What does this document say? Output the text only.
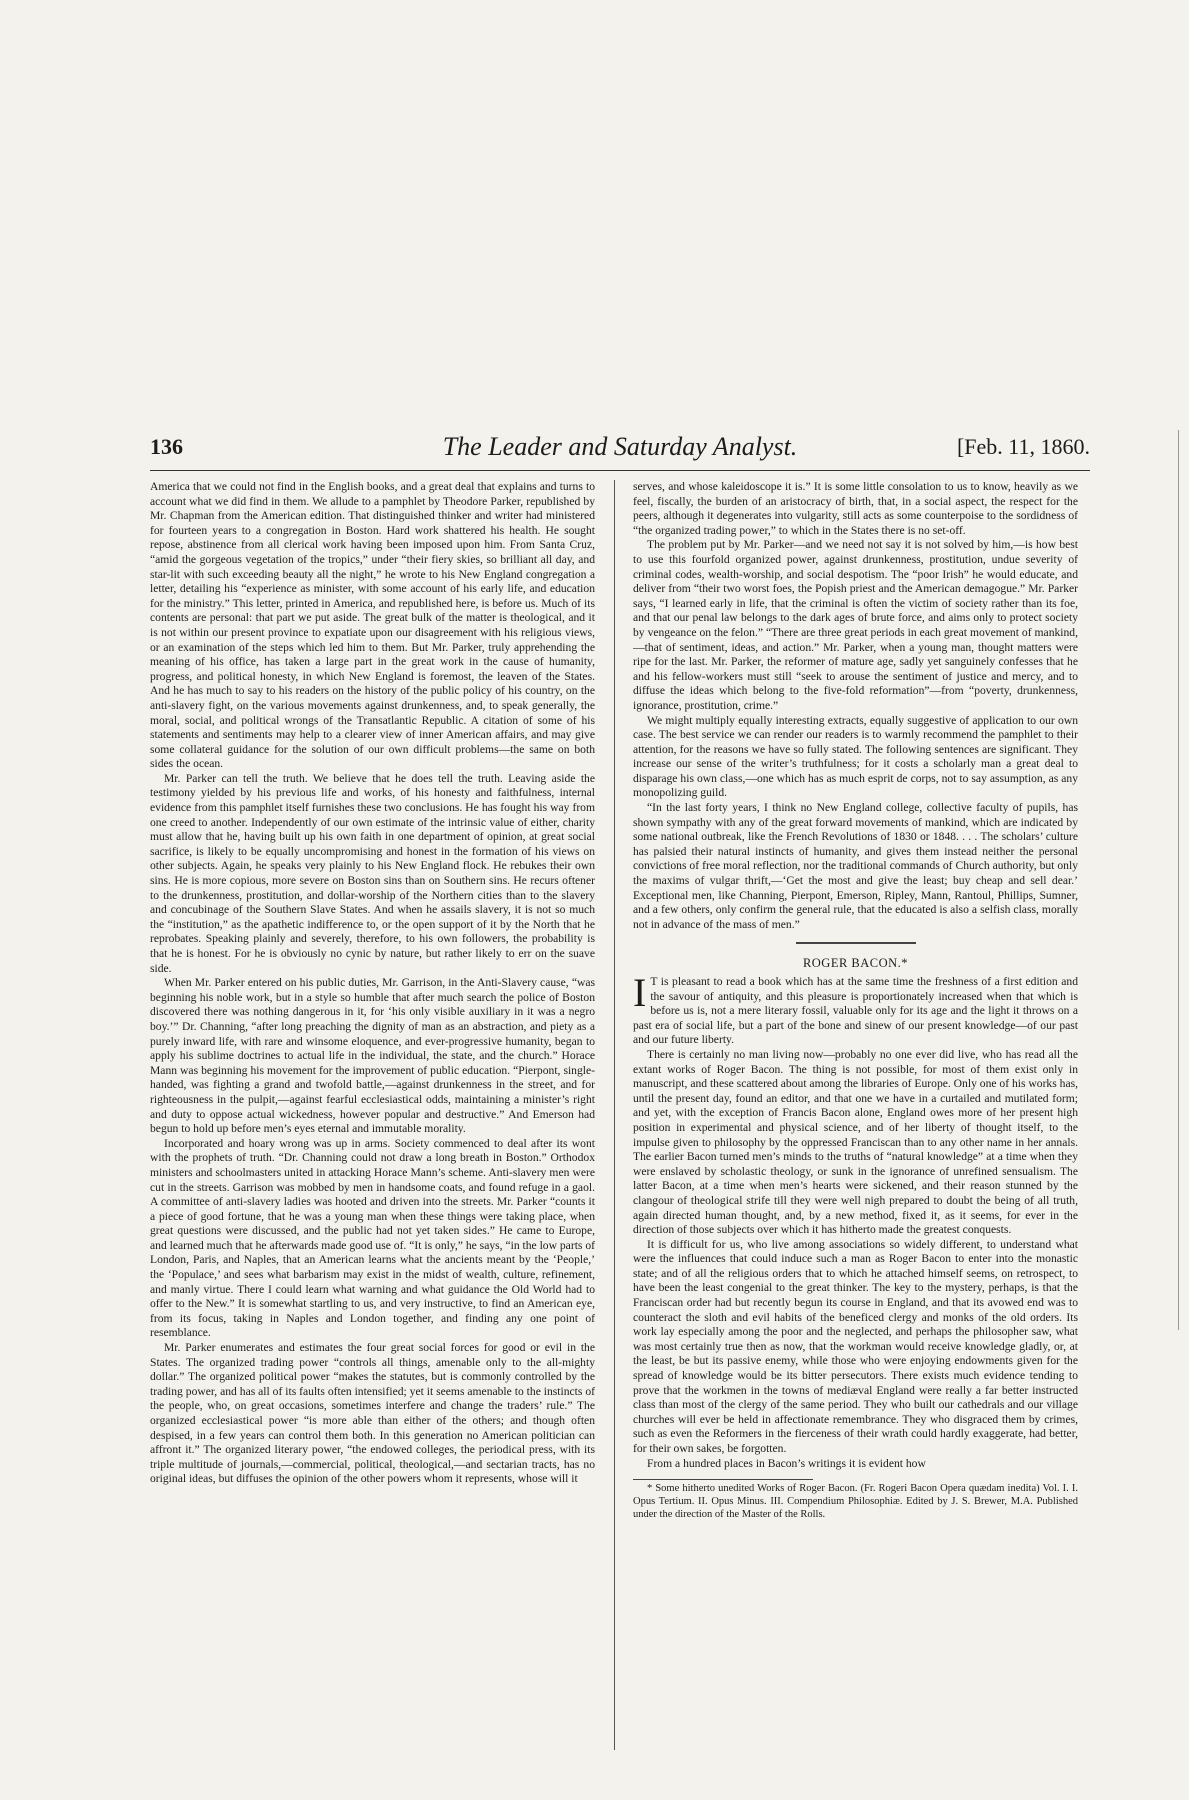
136	The Leader and Saturday Analyst.	[Feb. 11, 1860.

America that we could not find in the English books, and a great deal that explains and turns to account what we did find in them. We allude to a pamphlet by Theodore Parker, republished by Mr. Chapman from the American edition. That distinguished thinker and writer had ministered for fourteen years to a congregation in Boston. Hard work shattered his health. He sought repose, abstinence from all clerical work having been imposed upon him. From Santa Cruz, “amid the gorgeous vegetation of the tropics,” under “their fiery skies, so brilliant all day, and star-lit with such exceeding beauty all the night,” he wrote to his New England congregation a letter, detailing his “experience as minister, with some account of his early life, and education for the ministry.” This letter, printed in America, and republished here, is before us. Much of its contents are personal: that part we put aside. The great bulk of the matter is theological, and it is not within our present province to expatiate upon our disagreement with his religious views, or an examination of the steps which led him to them. But Mr. Parker, truly apprehending the meaning of his office, has taken a large part in the great work in the cause of humanity, progress, and political honesty, in which New England is foremost, the leaven of the States. And he has much to say to his readers on the history of the public policy of his country, on the anti-slavery fight, on the various movements against drunkenness, and, to speak generally, the moral, social, and political wrongs of the Transatlantic Republic. A citation of some of his statements and sentiments may help to a clearer view of inner American affairs, and may give some collateral guidance for the solution of our own difficult problems—the same on both sides the ocean.

Mr. Parker can tell the truth. We believe that he does tell the truth. Leaving aside the testimony yielded by his previous life and works, of his honesty and faithfulness, internal evidence from this pamphlet itself furnishes these two conclusions. He has fought his way from one creed to another. Independently of our own estimate of the intrinsic value of either, charity must allow that he, having built up his own faith in one department of opinion, at great social sacrifice, is likely to be equally uncompromising and honest in the formation of his views on other subjects. Again, he speaks very plainly to his New England flock. He rebukes their own sins. He is more copious, more severe on Boston sins than on Southern sins. He recurs oftener to the drunkenness, prostitution, and dollar-worship of the Northern cities than to the slavery and concubinage of the Southern Slave States. And when he assails slavery, it is not so much the “institution,” as the apathetic indifference to, or the open support of it by the North that he reprobates. Speaking plainly and severely, therefore, to his own followers, the probability is that he is honest. For he is obviously no cynic by nature, but rather likely to err on the suave side.

When Mr. Parker entered on his public duties, Mr. Garrison, in the Anti-Slavery cause, “was beginning his noble work, but in a style so humble that after much search the police of Boston discovered there was nothing dangerous in it, for ‘his only visible auxiliary in it was a negro boy.’” Dr. Channing, “after long preaching the dignity of man as an abstraction, and piety as a purely inward life, with rare and winsome eloquence, and ever-progressive humanity, began to apply his sublime doctrines to actual life in the individual, the state, and the church.” Horace Mann was beginning his movement for the improvement of public education. “Pierpont, single-handed, was fighting a grand and twofold battle,—against drunkenness in the street, and for righteousness in the pulpit,—against fearful ecclesiastical odds, maintaining a minister’s right and duty to oppose actual wickedness, however popular and destructive.” And Emerson had begun to hold up before men’s eyes eternal and immutable morality.

Incorporated and hoary wrong was up in arms. Society commenced to deal after its wont with the prophets of truth. “Dr. Channing could not draw a long breath in Boston.” Orthodox ministers and schoolmasters united in attacking Horace Mann’s scheme. Anti-slavery men were cut in the streets. Garrison was mobbed by men in handsome coats, and found refuge in a gaol. A committee of anti-slavery ladies was hooted and driven into the streets. Mr. Parker “counts it a piece of good fortune, that he was a young man when these things were taking place, when great questions were discussed, and the public had not yet taken sides.” He came to Europe, and learned much that he afterwards made good use of. “It is only,” he says, “in the low parts of London, Paris, and Naples, that an American learns what the ancients meant by the ‘People,’ the ‘Populace,’ and sees what barbarism may exist in the midst of wealth, culture, refinement, and manly virtue. There I could learn what warning and what guidance the Old World had to offer to the New.” It is somewhat startling to us, and very instructive, to find an American eye, from its focus, taking in Naples and London together, and finding any one point of resemblance.

Mr. Parker enumerates and estimates the four great social forces for good or evil in the States. The organized trading power “controls all things, amenable only to the all-mighty dollar.” The organized political power “makes the statutes, but is commonly controlled by the trading power, and has all of its faults often intensified; yet it seems amenable to the instincts of the people, who, on great occasions, sometimes interfere and change the traders’ rule.” The organized ecclesiastical power “is more able than either of the others; and though often despised, in a few years can control them both. In this generation no American politician can affront it.” The organized literary power, “the endowed colleges, the periodical press, with its triple multitude of journals,—commercial, political, theological,—and sectarian tracts, has no original ideas, but diffuses the opinion of the other powers whom it represents, whose will it

serves, and whose kaleidoscope it is.” It is some little consolation to us to know, heavily as we feel, fiscally, the burden of an aristocracy of birth, that, in a social aspect, the respect for the peers, although it degenerates into vulgarity, still acts as some counterpoise to the sordidness of “the organized trading power,” to which in the States there is no set-off.

The problem put by Mr. Parker—and we need not say it is not solved by him,—is how best to use this fourfold organized power, against drunkenness, prostitution, undue severity of criminal codes, wealth-worship, and social despotism. The “poor Irish” he would educate, and deliver from “their two worst foes, the Popish priest and the American demagogue.” Mr. Parker says, “I learned early in life, that the criminal is often the victim of society rather than its foe, and that our penal law belongs to the dark ages of brute force, and aims only to protect society by vengeance on the felon.” “There are three great periods in each great movement of mankind,—that of sentiment, ideas, and action.” Mr. Parker, when a young man, thought matters were ripe for the last. Mr. Parker, the reformer of mature age, sadly yet sanguinely confesses that he and his fellow-workers must still “seek to arouse the sentiment of justice and mercy, and to diffuse the ideas which belong to the five-fold reformation”—from “poverty, drunkenness, ignorance, prostitution, crime.”

We might multiply equally interesting extracts, equally suggestive of application to our own case. The best service we can render our readers is to warmly recommend the pamphlet to their attention, for the reasons we have so fully stated. The following sentences are significant. They increase our sense of the writer’s truthfulness; for it costs a scholarly man a great deal to disparage his own class,—one which has as much esprit de corps, not to say assumption, as any monopolizing guild.

“In the last forty years, I think no New England college, collective faculty of pupils, has shown sympathy with any of the great forward movements of mankind, which are indicated by some national outbreak, like the French Revolutions of 1830 or 1848. . . . The scholars’ culture has palsied their natural instincts of humanity, and gives them instead neither the personal convictions of free moral reflection, nor the traditional commands of Church authority, but only the maxims of vulgar thrift,—‘Get the most and give the least; buy cheap and sell dear.’ Exceptional men, like Channing, Pierpont, Emerson, Ripley, Mann, Rantoul, Phillips, Sumner, and a few others, only confirm the general rule, that the educated is also a selfish class, morally not in advance of the mass of men.”

ROGER BACON.*

I T is pleasant to read a book which has at the same time the freshness of a first edition and the savour of antiquity, and this pleasure is proportionately increased when that which is before us is, not a mere literary fossil, valuable only for its age and the light it throws on a past era of social life, but a part of the bone and sinew of our present knowledge—of our past and our future liberty.

There is certainly no man living now—probably no one ever did live, who has read all the extant works of Roger Bacon. The thing is not possible, for most of them exist only in manuscript, and these scattered about among the libraries of Europe. Only one of his works has, until the present day, found an editor, and that one we have in a curtailed and mutilated form; and yet, with the exception of Francis Bacon alone, England owes more of her present high position in experimental and physical science, and of her liberty of thought itself, to the impulse given to philosophy by the oppressed Franciscan than to any other name in her annals. The earlier Bacon turned men’s minds to the truths of “natural knowledge” at a time when they were enslaved by scholastic theology, or sunk in the ignorance of unrefined sensualism. The latter Bacon, at a time when men’s hearts were sickened, and their reason stunned by the clangour of theological strife till they were well nigh prepared to doubt the being of all truth, again directed human thought, and, by a new method, fixed it, as it seems, for ever in the direction of those subjects over which it has hitherto made the greatest conquests.

It is difficult for us, who live among associations so widely different, to understand what were the influences that could induce such a man as Roger Bacon to enter into the monastic state; and of all the religious orders that to which he attached himself seems, on retrospect, to have been the least congenial to the great thinker. The key to the mystery, perhaps, is that the Franciscan order had but recently begun its course in England, and that its avowed end was to counteract the sloth and evil habits of the beneficed clergy and monks of the old orders. Its work lay especially among the poor and the neglected, and perhaps the philosopher saw, what was most certainly true then as now, that the workman would receive knowledge gladly, or, at the least, be but its passive enemy, while those who were enjoying endowments given for the spread of knowledge would be its bitter persecutors. There exists much evidence tending to prove that the workmen in the towns of mediæval England were really a far better instructed class than most of the clergy of the same period. They who built our cathedrals and our village churches will ever be held in affectionate remembrance. They who disgraced them by crimes, such as even the Reformers in the fierceness of their wrath could hardly exaggerate, had better, for their own sakes, be forgotten.

From a hundred places in Bacon’s writings it is evident how

* Some hitherto unedited Works of Roger Bacon. (Fr. Rogeri Bacon Opera quædam inedita) Vol. I. I. Opus Tertium. II. Opus Minus. III. Compendium Philosophiæ. Edited by J. S. Brewer, M.A. Published under the direction of the Master of the Rolls.
